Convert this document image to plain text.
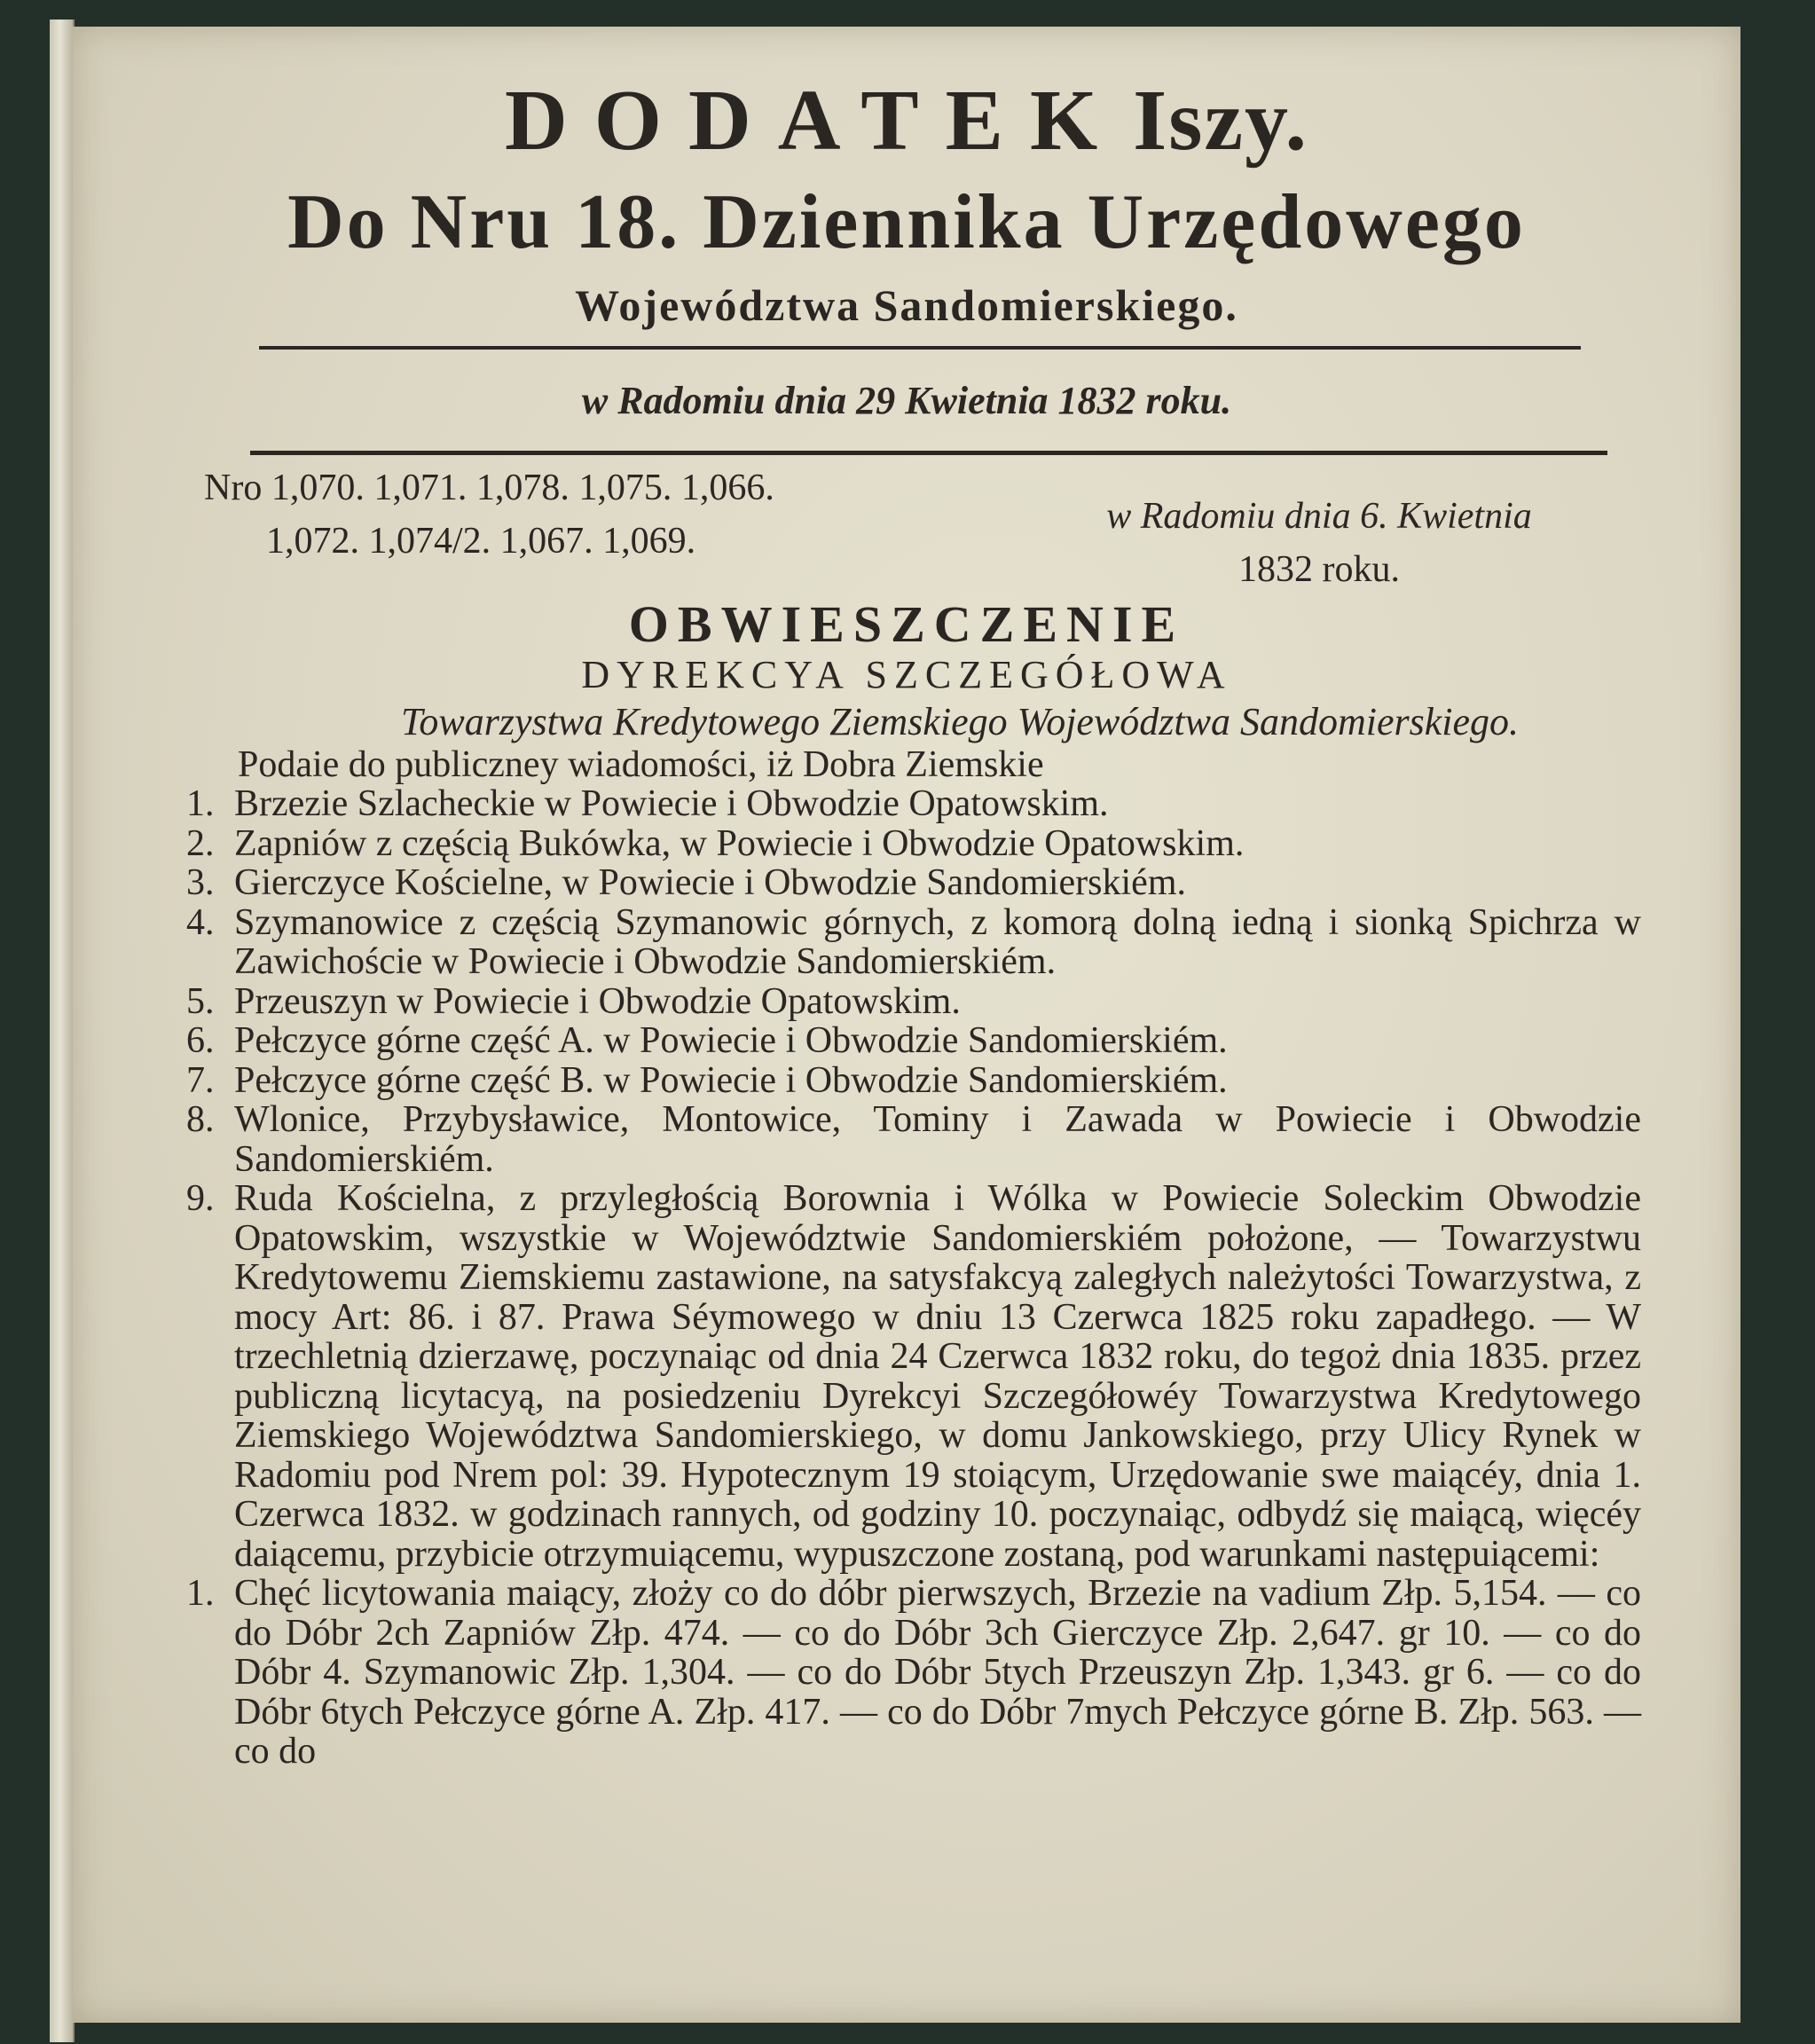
DODATEK Iszy.
Do Nru 18. Dziennika Urzędowego
Województwa Sandomierskiego.
w Radomiu dnia 29 Kwietnia 1832 roku.
Nro 1,070. 1,071. 1,078. 1,075. 1,066.
1,072. 1,074/2. 1,067. 1,069.
w Radomiu dnia 6. Kwietnia
1832 roku.
OBWIESZCZENIE
DYREKCYA SZCZEGÓŁOWA
Towarzystwa Kredytowego Ziemskiego Województwa Sandomierskiego.
Podaie do publiczney wiadomości, iż Dobra Ziemskie
1. Brzezie Szlacheckie w Powiecie i Obwodzie Opatowskim.
2. Zapniów z częścią Bukówka, w Powiecie i Obwodzie Opatowskim.
3. Gierczyce Kościelne, w Powiecie i Obwodzie Sandomierskiém.
4. Szymanowice z częścią Szymanowic górnych, z komorą dolną iedną i sionką Spichrza w Zawichoście w Powiecie i Obwodzie Sandomierskiém.
5. Przeuszyn w Powiecie i Obwodzie Opatowskim.
6. Pełczyce górne część A. w Powiecie i Obwodzie Sandomierskiém.
7. Pełczyce górne część B. w Powiecie i Obwodzie Sandomierskiém.
8. Wlonice, Przybysławice, Montowice, Tominy i Zawada w Powiecie i Obwodzie Sandomierskiém.
9. Ruda Kościelna, z przyległością Borownia i Wólka w Powiecie Soleckim Obwodzie Opatowskim, wszystkie w Województwie Sandomierskiém położone, — Towarzystwu Kredytowemu Ziemskiemu zastawione, na satysfakcyą zaległych należytości Towarzystwa, z mocy Art: 86. i 87. Prawa Séymowego w dniu 13 Czerwca 1825 roku zapadłego. — W trzechletnią dzierzawę, poczynaiąc od dnia 24 Czerwca 1832 roku, do tegoż dnia 1835. przez publiczną licytacyą, na posiedzeniu Dyrekcyi Szczegółowéy Towarzystwa Kredytowego Ziemskiego Województwa Sandomierskiego, w domu Jankowskiego, przy Ulicy Rynek w Radomiu pod Nrem pol: 39. Hypotecznym 19 stoiącym, Urzędowanie swe maiącéy, dnia 1. Czerwca 1832. w godzinach rannych, od godziny 10. poczynaiąc, odbydź się maiącą, więcéy daiącemu, przybicie otrzymuiącemu, wypuszczone zostaną, pod warunkami następuiącemi:
1. Chęć licytowania maiący, złoży co do dóbr pierwszych, Brzezie na vadium Złp. 5,154. — co do Dóbr 2ch Zapniów Złp. 474. — co do Dóbr 3ch Gierczyce Złp. 2,647. gr 10. — co do Dóbr 4. Szymanowic Złp. 1,304. — co do Dóbr 5tych Przeuszyn Złp. 1,343. gr 6. — co do Dóbr 6tych Pełczyce górne A. Złp. 417. — co do Dóbr 7mych Pełczyce górne B. Złp. 563. — co do
